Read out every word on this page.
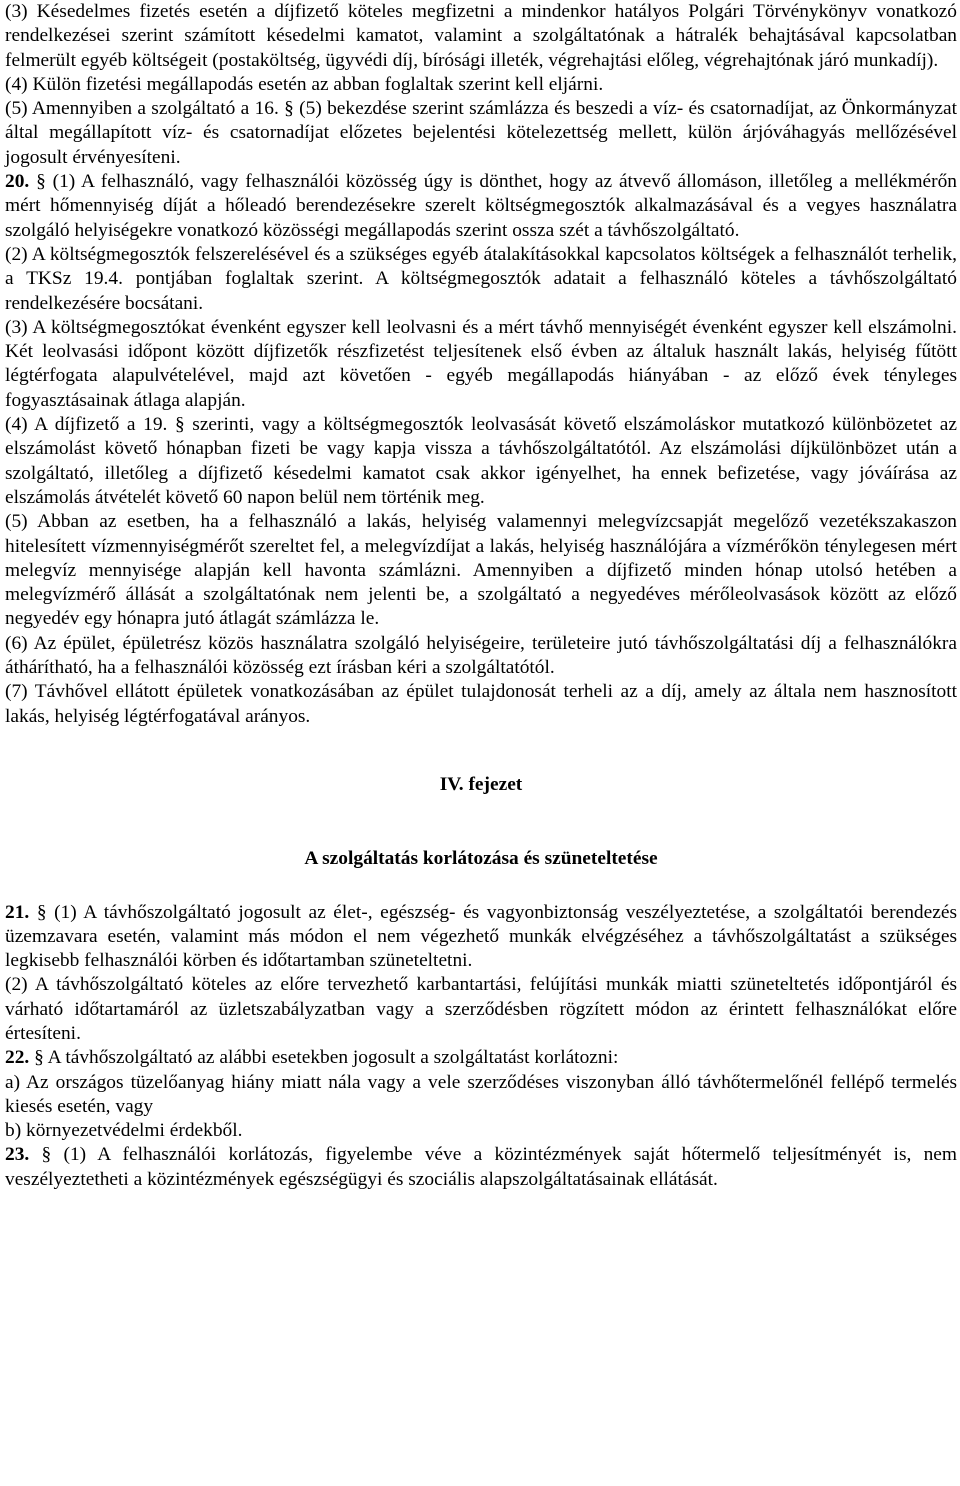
(3) Késedelmes fizetés esetén a díjfizető köteles megfizetni a mindenkor hatályos Polgári Törvénykönyv vonatkozó rendelkezései szerint számított késedelmi kamatot, valamint a szolgáltatónak a hátralék behajtásával kapcsolatban felmerült egyéb költségeit (postaköltség, ügyvédi díj, bírósági illeték, végrehajtási előleg, végrehajtónak járó munkadíj).

(4) Külön fizetési megállapodás esetén az abban foglaltak szerint kell eljárni.

(5) Amennyiben a szolgáltató a 16. § (5) bekezdése szerint számlázza és beszedi a víz- és csatornadíjat, az Önkormányzat által megállapított víz- és csatornadíjat előzetes bejelentési kötelezettség mellett, külön árjóváhagyás mellőzésével jogosult érvényesíteni.

20. § (1) A felhasználó, vagy felhasználói közösség úgy is dönthet, hogy az átvevő állomáson, illetőleg a mellékmérőn mért hőmennyiség díját a hőleadó berendezésekre szerelt költségmegosztók alkalmazásával és a vegyes használatra szolgáló helyiségekre vonatkozó közösségi megállapodás szerint ossza szét a távhőszolgáltató.

(2) A költségmegosztók felszerelésével és a szükséges egyéb átalakításokkal kapcsolatos költségek a felhasználót terhelik, a TKSz 19.4. pontjában foglaltak szerint. A költségmegosztók adatait a felhasználó köteles a távhőszolgáltató rendelkezésére bocsátani.

(3) A költségmegosztókat évenként egyszer kell leolvasni és a mért távhő mennyiségét évenként egyszer kell elszámolni. Két leolvasási időpont között díjfizetők részfizetést teljesítenek első évben az általuk használt lakás, helyiség fűtött légtérfogata alapulvételével, majd azt követően - egyéb megállapodás hiányában - az előző évek tényleges fogyasztásainak átlaga alapján.

(4) A díjfizető a 19. § szerinti, vagy a költségmegosztók leolvasását követő elszámoláskor mutatkozó különbözetet az elszámolást követő hónapban fizeti be vagy kapja vissza a távhőszolgáltatótól. Az elszámolási díjkülönbözet után a szolgáltató, illetőleg a díjfizető késedelmi kamatot csak akkor igényelhet, ha ennek befizetése, vagy jóváírása az elszámolás átvételét követő 60 napon belül nem történik meg.

(5) Abban az esetben, ha a felhasználó a lakás, helyiség valamennyi melegvízcsapját megelőző vezetékszakaszon hitelesített vízmennyiségmérőt szereltet fel, a melegvízdíjat a lakás, helyiség használójára a vízmérőkön ténylegesen mért melegvíz mennyisége alapján kell havonta számlázni. Amennyiben a díjfizető minden hónap utolsó hetében a melegvízmérő állását a szolgáltatónak nem jelenti be, a szolgáltató a negyedéves mérőleolvasások között az előző negyedév egy hónapra jutó átlagát számlázza le.

(6) Az épület, épületrész közös használatra szolgáló helyiségeire, területeire jutó távhőszolgáltatási díj a felhasználókra áthárítható, ha a felhasználói közösség ezt írásban kéri a szolgáltatótól.

(7) Távhővel ellátott épületek vonatkozásában az épület tulajdonosát terheli az a díj, amely az általa nem hasznosított lakás, helyiség légtérfogatával arányos.

IV. fejezet

A szolgáltatás korlátozása és szüneteltetése

21. § (1) A távhőszolgáltató jogosult az élet-, egészség- és vagyonbiztonság veszélyeztetése, a szolgáltatói berendezés üzemzavara esetén, valamint más módon el nem végezhető munkák elvégzéséhez a távhőszolgáltatást a szükséges legkisebb felhasználói körben és időtartamban szüneteltetni.

(2) A távhőszolgáltató köteles az előre tervezhető karbantartási, felújítási munkák miatti szüneteltetés időpontjáról és várható időtartamáról az üzletszabályzatban vagy a szerződésben rögzített módon az érintett felhasználókat előre értesíteni.

22. § A távhőszolgáltató az alábbi esetekben jogosult a szolgáltatást korlátozni:

a) Az országos tüzelőanyag hiány miatt nála vagy a vele szerződéses viszonyban álló távhőtermelőnél fellépő termelés kiesés esetén, vagy

b) környezetvédelmi érdekből.

23. § (1) A felhasználói korlátozás, figyelembe véve a közintézmények saját hőtermelő teljesítményét is, nem veszélyeztetheti a közintézmények egészségügyi és szociális alapszolgáltatásainak ellátását.
